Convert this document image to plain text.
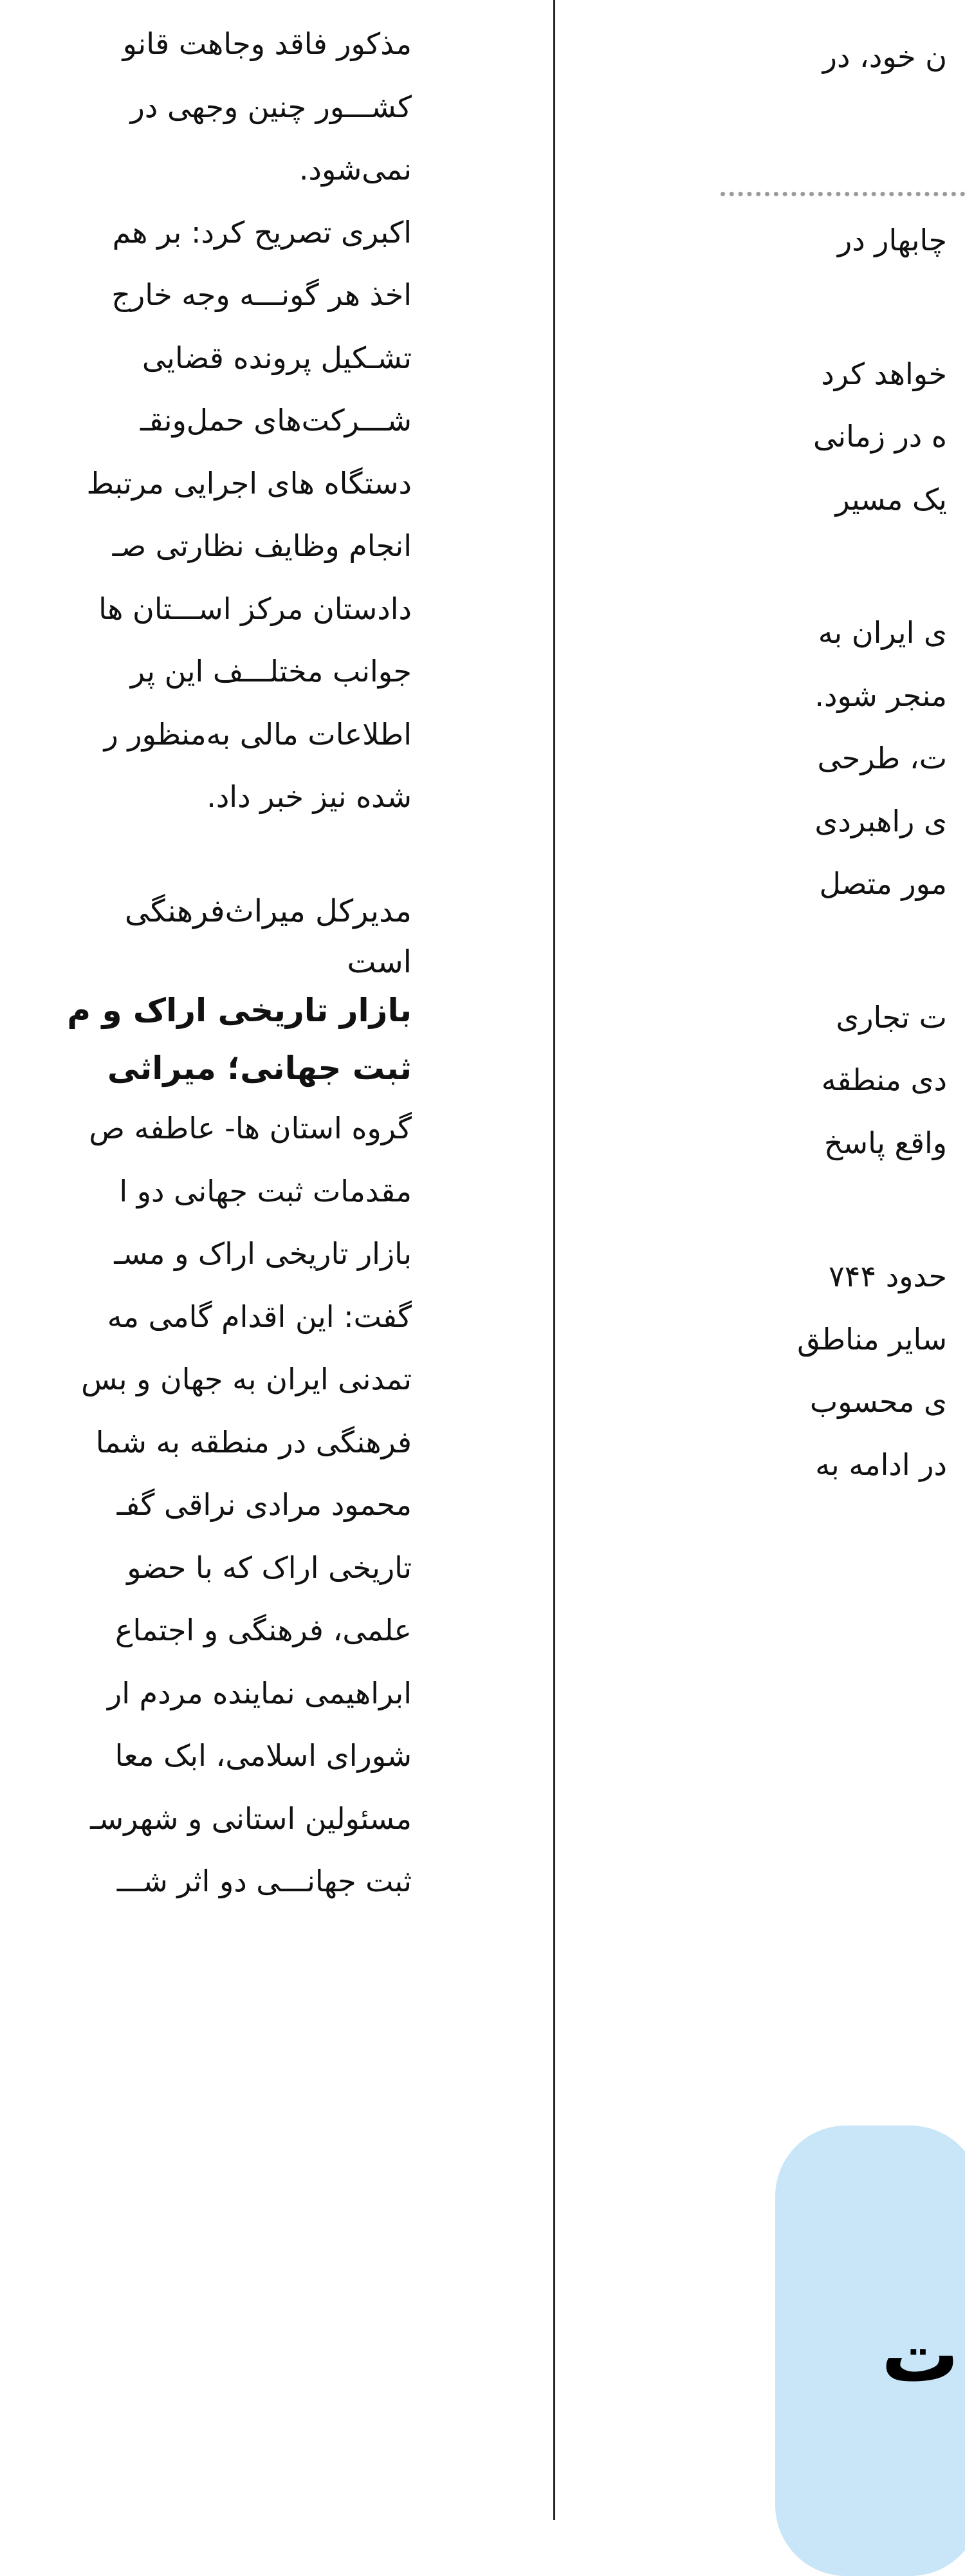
ن خود، در
چابهار در
خواهد کرد
ه در زمانی
یک مسیر
ی ایران به
منجر شود.
ت، طرحی
ی راهبردی
مور متصل
ت تجاری
دی منطقه
واقع پاسخ
حدود ۷۴۴
سایر مناطق
ی محسوب
در ادامه به
ت
مذکور فاقد وجاهت قانو
کشـــور چنین وجهی در
نمی‌شود.
اکبری تصریح کرد: بر هم
اخذ هر گونـــه وجه خارج
تشـکیل پرونده قضایی
شـــرکت‌های حمل‌ونقـ
دستگاه های اجرایی مرتبط
انجام وظایف نظارتی صـ
دادستان مرکز اســـتان ها
جوانب مختلـــف این پر
اطلاعات مالی به‌منظور ر
شده نیز خبر داد.
مدیرکل میراث‌فرهنگی
است
بازار تاریخی اراک و م
ثبت جهانی؛ میراثی
گروه استان ها- عاطفه ص
مقدمات ثبت جهانی دو ا
بازار تاریخی اراک و مسـ
گفت: این اقدام گامی مه
تمدنی ایران به جهان و بس
فرهنگی در منطقه به شما
محمود مرادی نراقی گفـ
تاریخی اراک که با حضو
علمی، فرهنگی و اجتماع
ابراهیمی نماینده مردم ار
شورای اسلامی، ابک معا
مسئولین استانی و شهرسـ
ثبت جهانـــی دو اثر شـــ
